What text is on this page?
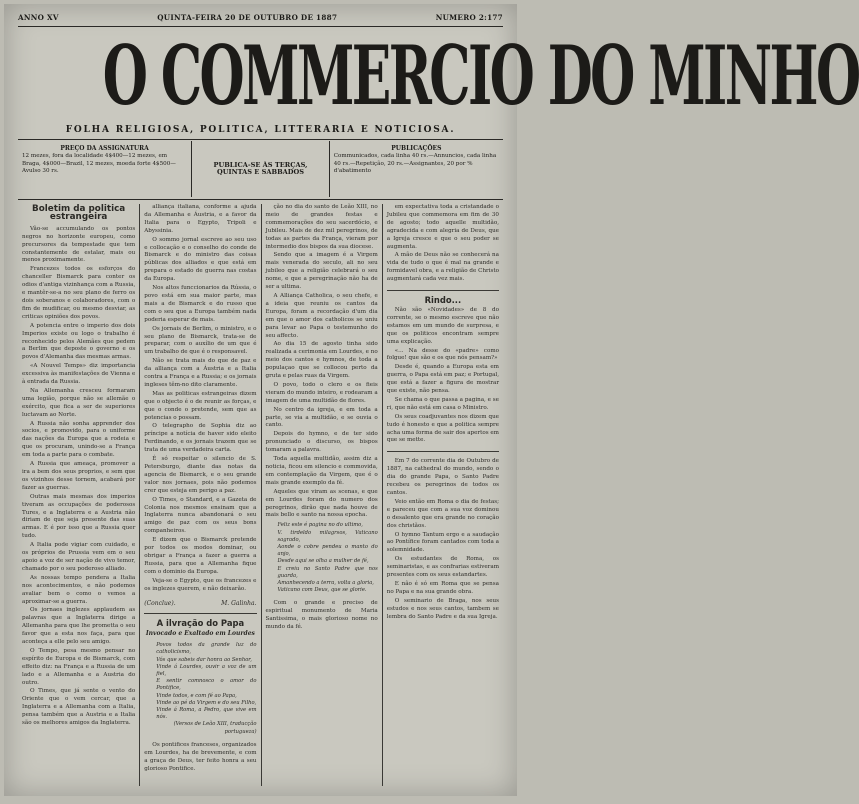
ANNO XV	QUINTA-FEIRA 20 DE OUTUBRO DE 1887	NUMERO 2:177
O COMMERCIO DO MINHO
FOLHA RELIGIOSA, POLITICA, LITTERARIA E NOTICIOSA.
PREÇO DA ASSIGNATURA
12 mezes, fora da localidade 4$400—12 mezes, em Braga, 4$000—Brazil, 12 mezes, moeda forte 4$500—Avulso 30 rs.
PUBLICA-SE ÀS TERÇAS, QUINTAS E SABBADOS
PUBLICAÇÕES
Communicados, cada linha 40 rs.—Annuncios, cada linha 40 rs.—Repetição, 20 rs.—Assignantes, 20 por % d'abatimento
Boletim da politica estrangeira

Vão-se accumulando os pontos negros no horizonte europeu, como precursores da tempestade que tem constantemente de estalar, mais ou menos proximamente.

Francezes todos os esforços do chanceller Bismarck para conter os odios d'antiga vizinhança com a Russia, e mantêr-se-a no seu plano de ferro os dois soberanos e colaboradores, com o fim de mudificar, ou mesmo desviar, as criticas opiniões dos povos.

A potencia entre o imperio dos dois Imperios existe ou logo o trabalho é reconhecido pelos Alemães que pedem a Berlim que deposte o governo e os povos d'Alemanha das mesmas armas.

«A Nouvel Temps» diz importancia excessiva às manifestações de Vienna e à entrada da Russia.

Na Allemanha cresceu formaram uma legião, porque não se allemãe o exército, que fica a ser de superiores luctavam ao Norte.

A Russia não sonha apprender dos socios, e promovido, para o uniforme das nações da Europa que a rodeia e que os procuram, unindo-se a França em toda a parte para o combate.

A Russia que ameaça, promover a ira a bem dos seus proprios, e sem que os vizinhos desse tornem, acabará por fazer as guerras.

Outras mais mesmas dos imperios tiveram as occupações de poderosos Tures, e a Inglaterra e a Austria não diriam de que seja presente das suas armas. E é por isso que a Russia quer tudo.

A Italia pode vigiar com cuidado, e os próprios de Prussia vem em o seu apoio a voz de ser nação de vivo temor, chamado por o seu poderoso alliado.

As nossas tempo pendera a Italia nos acontecimentos, e não podemos avaliar bem o como o vemos a aproximar-se a guerra.

Os jornaes inglezes applaudem as palavras que a Inglaterra dirige a Allemanha para que lhe prometta o seu favor que a esta nos faça, para que aconteça a elle pelo seu amigo.

O Tempo, pesa mesmo pensar no espírito de Europa e de Bismarck, com effeito diz: na França e a Russia de um lado e a Allemanha e a Austria do outro.

O Times, que já sente o vento do Oriente que o vem cercar, que a Inglaterra e a Allemanha com a Italia, pensa também que a Austria e a Italia são os melhores amigos da Inglaterra.

alliança italiana, conforme a ajuda da Allemanha e Áustria, e a favor da Italia para o Egypto, Tripoli e Abyssinia.

O sommo jornal escreve ao seu uso e collocação e o conselho do conde de Bismarck e do ministro das coisas públicas dos alliados e que está em prepara o estado de guerra nas costas da Europa.

Nos altos funccionarios da Rússia, o povo está em sua maior parte, mas mais a de Bismarck e do russo que com o seu que a Europa também nada poderia esperar de mais.

Os jornais de Berlim, o ministro, e o seu plano de Bismarck, trata-se de preparar, com o auxílio de um que é um trabalho de que é o responsavel.

Não se trata mais do que de paz e da alliança com a Áustria e a Italia contra a França e a Russia; e os jornais ingleses têm-no dito claramente.

Mas as politicas estrangeiras dizem que o objecto é o de reunir as forças, e que o conde o pretende, sem que as potencias o possam.

O telegrapho de Sophia diz ao príncipe a notícia de haver sido eleito Ferdinando, e os jornais trazem que se trata de uma verdadeira carta.

É só respeitar o silencio de S. Petersburgo, diante das notas da agencia de Bismarck, e o seu grande valor nos jornaes, pois não podemos crer que esteja em perigo a paz.

O Times, o Standard, e a Gazeta de Colonia nos mesmos ensinam que a Inglaterra nunca abandonará o seu amigo de paz com os seus bons companheiros.

E dizem que o Bismarck pretende por todos os modos dominar, ou obrigar a França a fazer a guerra a Russia, para que a Allemanha fique com o dominio da Europa.

Veja-se o Egypto, que os francezes e os inglezes querem, e não deixarão.

(Conclue).	M. Galinha.
A ilvração do Papa
Invocado e Exaltado em Lourdes
Povos todos da grande luz do catholicismo,
Vós que sabeis dar honra ao Senhor,
Vinde á Lourdes, ouvir a voz de um fiel,
E sentir comnosco o amor do Pontifice,
Vinde todos, e com fé ao Papa,
Vinde ao pé da Virgem e do seu Filho,
Vinde á Roma, a Pedro, que vive em nós.
(Versos de Leão XIII, traducção portugueza)

Os pontifices franceses, organizados em Lourdes, ha de brevemente, e com a graça de Deus, ter feito honra a seu glorioso Pontifice.

ção no dia do santo de Leão XIII, no meio de grandes festas e commemorações do seu sacerdócio, e Jubileu. Mais de dez mil peregrinos, de todas as partes da França, vieram por intermedio dos bispos da sua diocese.

Sendo que a imagem é a Virgem mais venerada do seculo, ali no seu jubileo que a religião celebrará o seu nome, e que a peregrinação não ha de ser a ultima.

A Alliança Catholica, o seu chefe, e a ideia que reuniu os cantos da Europa, foram a recordação d'um dia em que o amor dos catholicos se uniu para levar ao Papa o testemunho do seu affecto.

Ao dia 15 de agosto tinha sido realizada a cerimonia em Lourdes, e no meio dos cantos e hymnos, de toda a populaçao que se collocou perto da gruta e pelas ruas da Virgem.

O povo, todo o clero e os fieis vieram do mundo inteiro, e rodearam a imagem de uma multidão de flores.

No centro da igreja, e em toda a parte, se via a multidão, e se ouvia o canto.

Depois do hymno, e de ter sido pronunciado o discurso, os bispos tomaram a palavra.

Toda aquella multidão, assim diz a noticia, ficou em silencio e commovida, em contemplação da Virgem, que é o mais grande exemplo da fé.

Aqueles que viram as scenas, e que em Lourdes foram do numero dos peregrinos, dirão que nada houve de mais bello e santo na nossa epocha.

Feliz este é pagina no do ultimo,
V. tirdeldo milagrsos, Vaticano sagrado,
Aonde o cobre pendeu o manto do anjo,
Desde aqui se olha a mulher de fé,
E creiu no Santo Padre que nos guarda,
Amanhecendo a terra, volta a gloria,
Vaticano com Deus, que se glorie.

Com o grande e preciso de espiritual monumento de Maria Santissima, o mais glorioso nome no mundo da fé.

em expectativa toda a cristandade o Jubileu que commemora em fim de 30 de agosto; todo aquelle multidão, agradecida e com alegria de Deus, que a Igreja cresce e que o seu poder se augmenta.

A mão de Deus não se conhecerá na vida de tudo o que é mal na grande e formidavel obra, e a religião de Christo augmentará cada vez mais.

Rindo...

Não são «Novidades» de 8 do corrente, se o mesmo escreve que não estamos em um mundo de surpresa, e que os politicos encontram sempre uma explicação.

«... Na desse do «padre» como folgue! que são e os que nós pensam?»

Desde é, quando a Europa esta em guerra, o Papa está em paz; e Portugal, que está a fazer a figura de mostrar que existe, não pensa.

Se chama o que passa a pagina, e se ri, que não está em casa o Ministro.

Os seus coadjuvantes nos dizem que tudo é honesto e que a politica sempre acha uma forma de sair dos apertos em que se mette.

Em 7 do corrente dia de Outubro de 1887, na cathedral do mundo, sendo o dia do grande Papa, o Santo Padre recebeu os peregrinos de todos os cantos.

Veio então em Roma o dia de festas; e pareceu que com a sua voz dominou o desalento que era grande no coração dos christãos.

O hymno Tantum ergo e a saudação ao Pontífice foram cantados com toda a solemnidade.

Os estudantes de Roma, os seminaristas, e as confrarias estiveram presentes com os seus estandartes.

E não é só em Roma que se pensa no Papa e na sua grande obra.

O seminario de Braga, nos seus estudos e nos seus cantos, tambem se lembra do Santo Padre e da sua Igreja.
